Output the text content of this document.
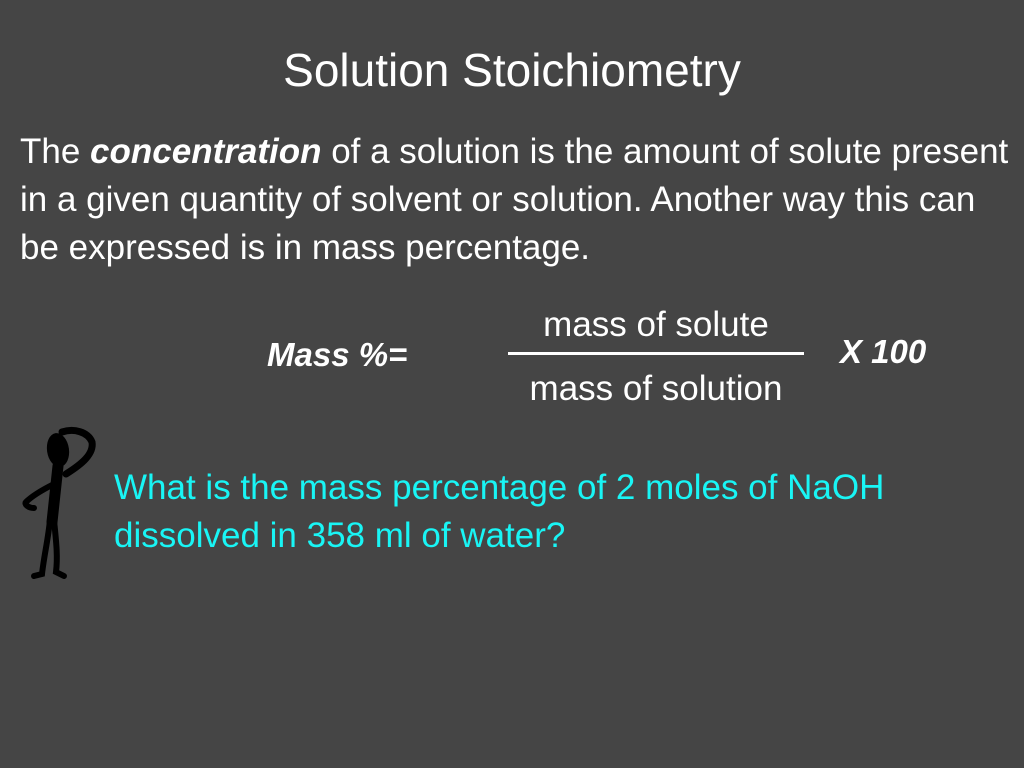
Solution Stoichiometry

The concentration of a solution is the amount of solute present in a given quantity of solvent or solution. Another way this can be expressed is in mass percentage.

Mass %=
mass of solute
mass of solution
X 100

What is the mass percentage of 2 moles of NaOH dissolved in 358 ml of water?
